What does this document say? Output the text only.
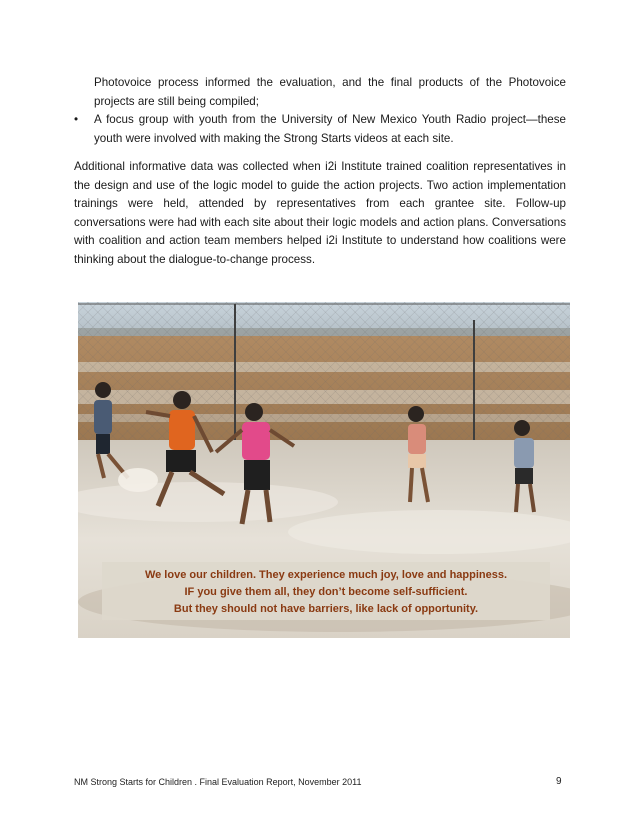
Photovoice process informed the evaluation, and the final products of the Photovoice projects are still being compiled;
•	A focus group with youth from the University of New Mexico Youth Radio project—these youth were involved with making the Strong Starts videos at each site.

Additional informative data was collected when i2i Institute trained coalition representatives in the design and use of the logic model to guide the action projects. Two action implementation trainings were held, attended by representatives from each grantee site. Follow-up conversations were had with each site about their logic models and action plans. Conversations with coalition and action team members helped i2i Institute to understand how coalitions were thinking about the dialogue-to-change process.

We love our children. They experience much joy, love and happiness.
IF you give them all, they don’t become self-sufficient.
But they should not have barriers, like lack of opportunity.
NM Strong Starts for Children . Final Evaluation Report, November 2011	9
